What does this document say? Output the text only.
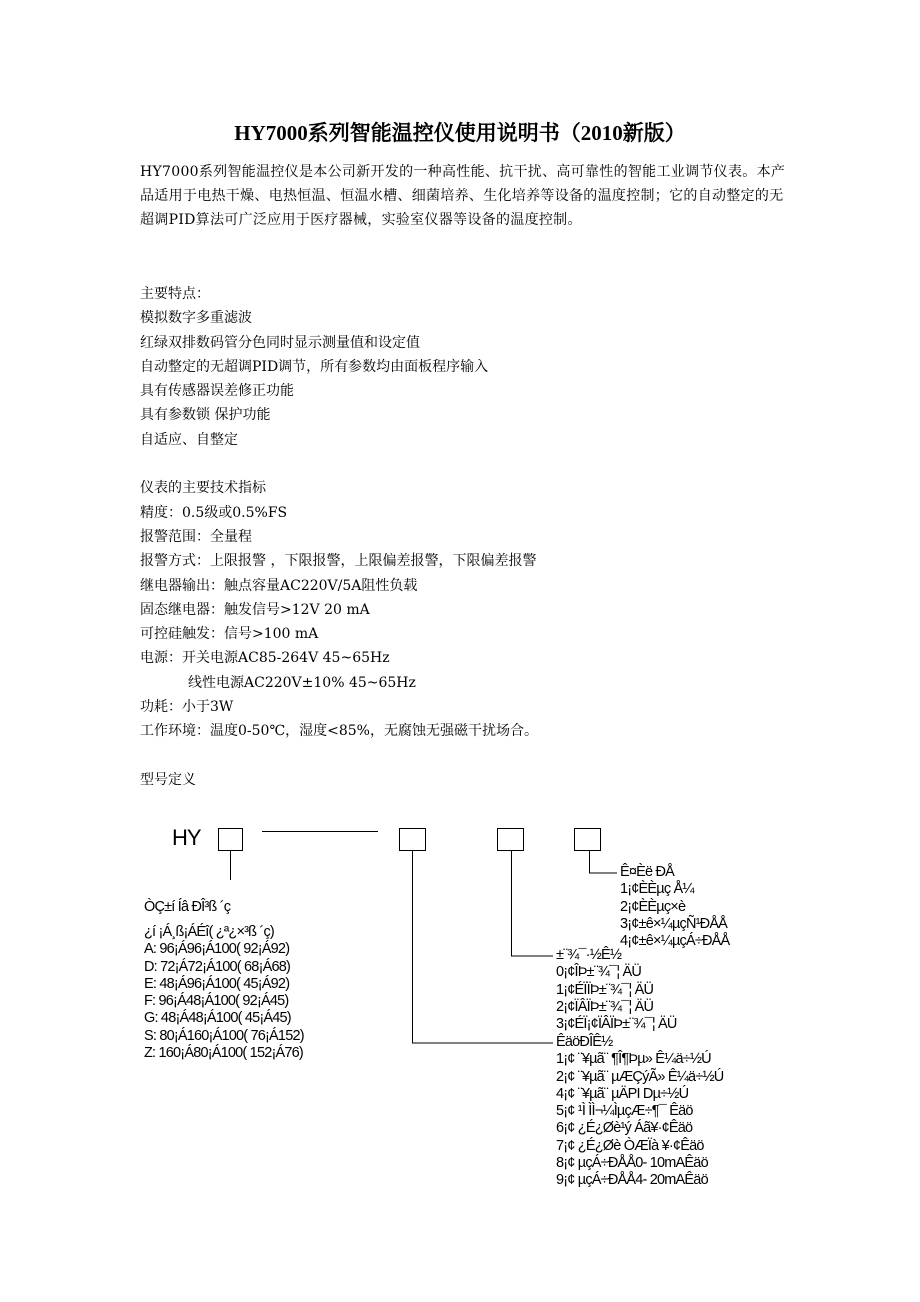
HY7000系列智能温控仪使用说明书（2010新版）
HY7000系列智能温控仪是本公司新开发的一种高性能、抗干扰、高可靠性的智能工业调节仪表。本产品适用于电热干燥、电热恒温、恒温水槽、细菌培养、生化培养等设备的温度控制；它的自动整定的无超调PID算法可广泛应用于医疗器械，实验室仪器等设备的温度控制。
主要特点：
模拟数字多重滤波
红绿双排数码管分色同时显示测量值和设定值
自动整定的无超调PID调节，所有参数均由面板程序输入
具有传感器误差修正功能
具有参数锁 保护功能
自适应、自整定
仪表的主要技术指标
精度：0.5级或0.5%FS
报警范围：全量程
报警方式：上限报警 ，下限报警，上限偏差报警，下限偏差报警
继电器输出：触点容量AC220V/5A阻性负载
固态继电器：触发信号>12V 20 mA
可控硅触发：信号>100 mA
电源：开关电源AC85-264V 45~65Hz
线性电源AC220V±10% 45~65Hz
功耗：小于3W
工作环境：温度0-50℃，湿度<85%，无腐蚀无强磁干扰场合。
型号定义
HY
ÒÇ±í Íâ ÐÎ³ß ´ç
¿í ¡Á¸ß¡ÁÉî( ¿ª¿×³ß ´ç)
A: 96¡Á96¡Á100( 92¡Á92)
D: 72¡Á72¡Á100( 68¡Á68)
E: 48¡Á96¡Á100( 45¡Á92)
F: 96¡Á48¡Á100( 92¡Á45)
G: 48¡Á48¡Á100( 45¡Á45)
S: 80¡Á160¡Á100( 76¡Á152)
Z: 160¡Á80¡Á100( 152¡Á76)
Ê¤Èë ÐÅ
1¡¢ÈÈµç Å¼
2¡¢ÈÈµç×è
3¡¢±ê×¼µçÑ¹ÐÅÅ
4¡¢±ê×¼µçÁ÷ÐÅÅ
±¨¾¯·½Ê½
0¡¢ÎÞ±¨¾¯¦ ÄÜ
1¡¢ÉÏÏÞ±¨¾¯¦ ÄÜ
2¡¢ÏÂÏÞ±¨¾¯¦ ÄÜ
3¡¢ÉÏ¡¢ÏÂÏÞ±¨¾¯¦ ÄÜ
ÊäöÐÎÊ½
1¡¢ ¨¥µã¨ ¶Î¶Þµ» Ê¼ä÷½Ú
2¡¢ ¨¥µã¨ µÆÇýÃ» Ê¼ä÷½Ú
4¡¢ ¨¥µã¨ µÄPI Dµ÷½Ú
5¡¢ ¹Ì ÌÌ¬¼ÌµçÆ÷¶¯ Êäö
6¡¢ ¿É¿Øè¹ý Áã¥·¢Êäö
7¡¢ ¿É¿Øè ÒÆÏà ¥·¢Êäö
8¡¢ µçÁ÷ÐÅÅ0- 10mAÊäö
9¡¢ µçÁ÷ÐÅÅ4- 20mAÊäö
